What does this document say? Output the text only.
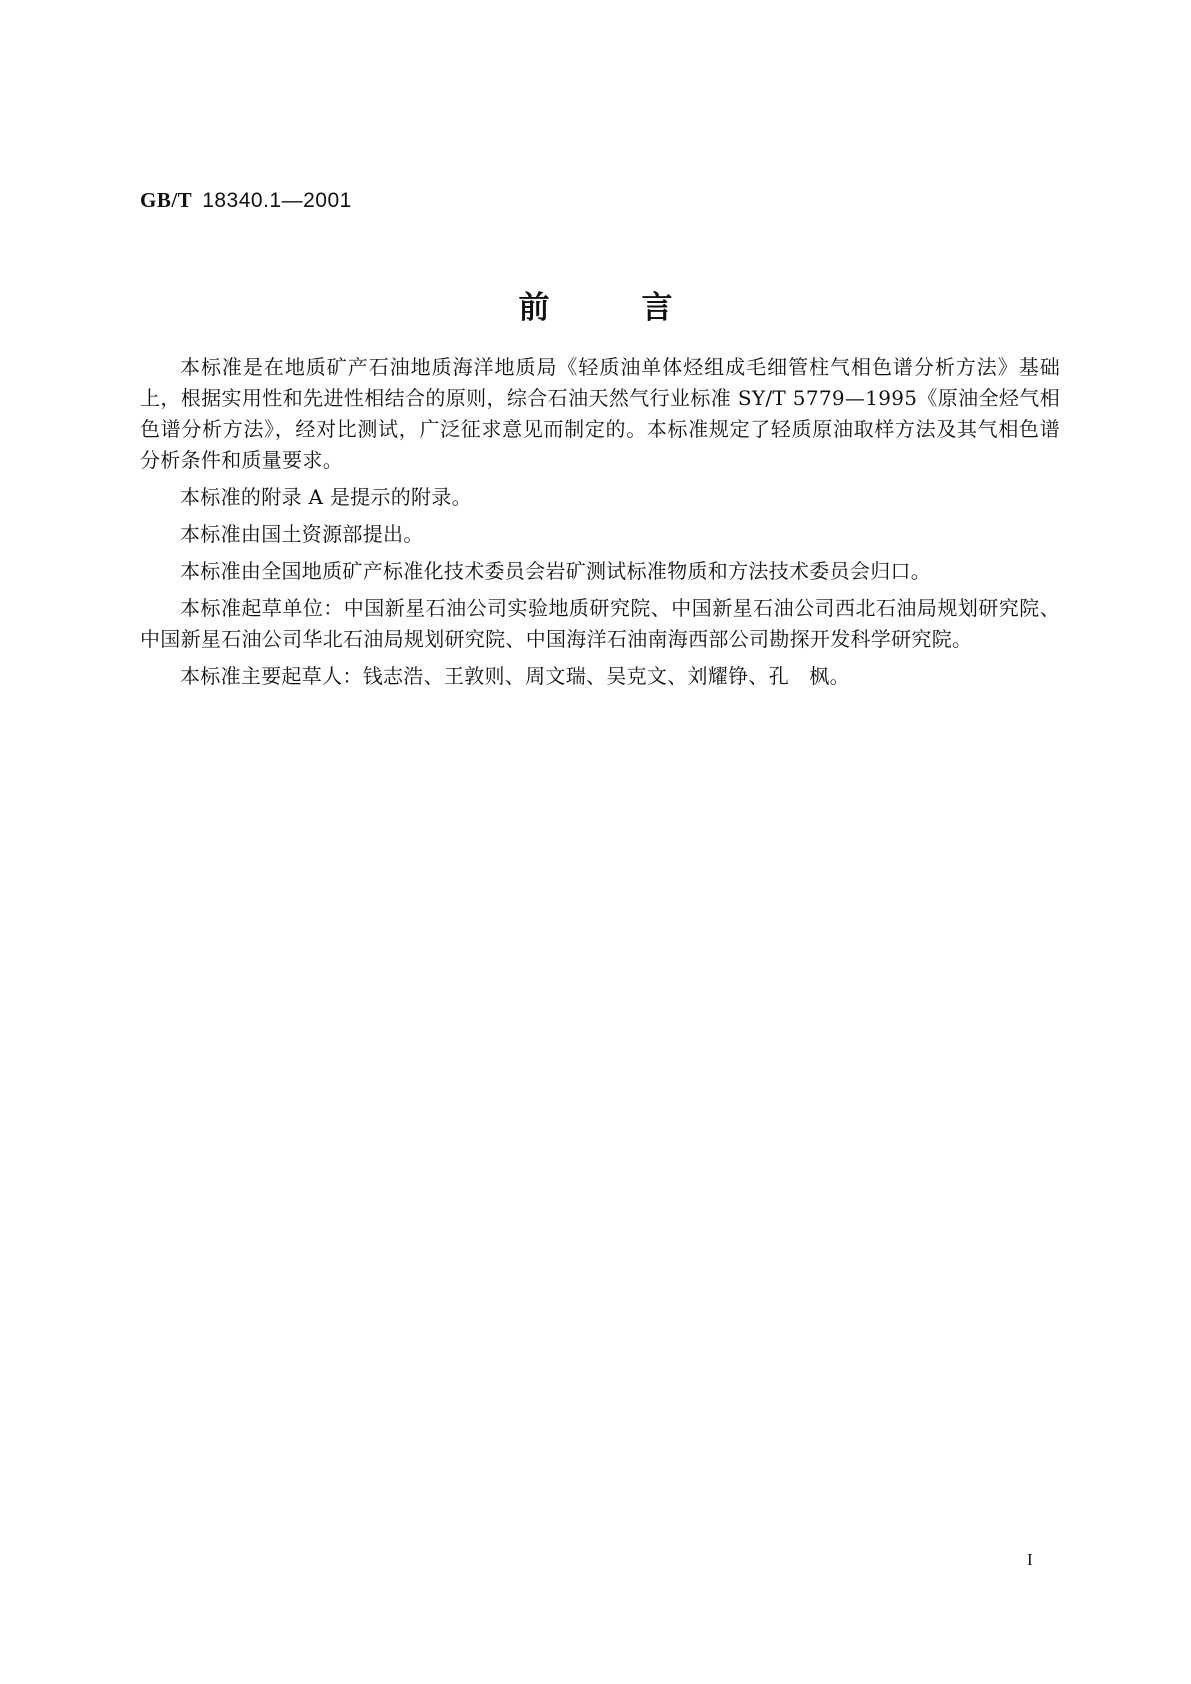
GB/T 18340.1—2001
前言

本标准是在地质矿产石油地质海洋地质局《轻质油单体烃组成毛细管柱气相色谱分析方法》基础上，根据实用性和先进性相结合的原则，综合石油天然气行业标准 SY/T 5779—1995《原油全烃气相色谱分析方法》，经对比测试，广泛征求意见而制定的。本标准规定了轻质原油取样方法及其气相色谱分析条件和质量要求。

本标准的附录 A 是提示的附录。

本标准由国土资源部提出。

本标准由全国地质矿产标准化技术委员会岩矿测试标准物质和方法技术委员会归口。

本标准起草单位：中国新星石油公司实验地质研究院、中国新星石油公司西北石油局规划研究院、中国新星石油公司华北石油局规划研究院、中国海洋石油南海西部公司勘探开发科学研究院。

本标准主要起草人：钱志浩、王敦则、周文瑞、吴克文、刘耀铮、孔　枫。

I
